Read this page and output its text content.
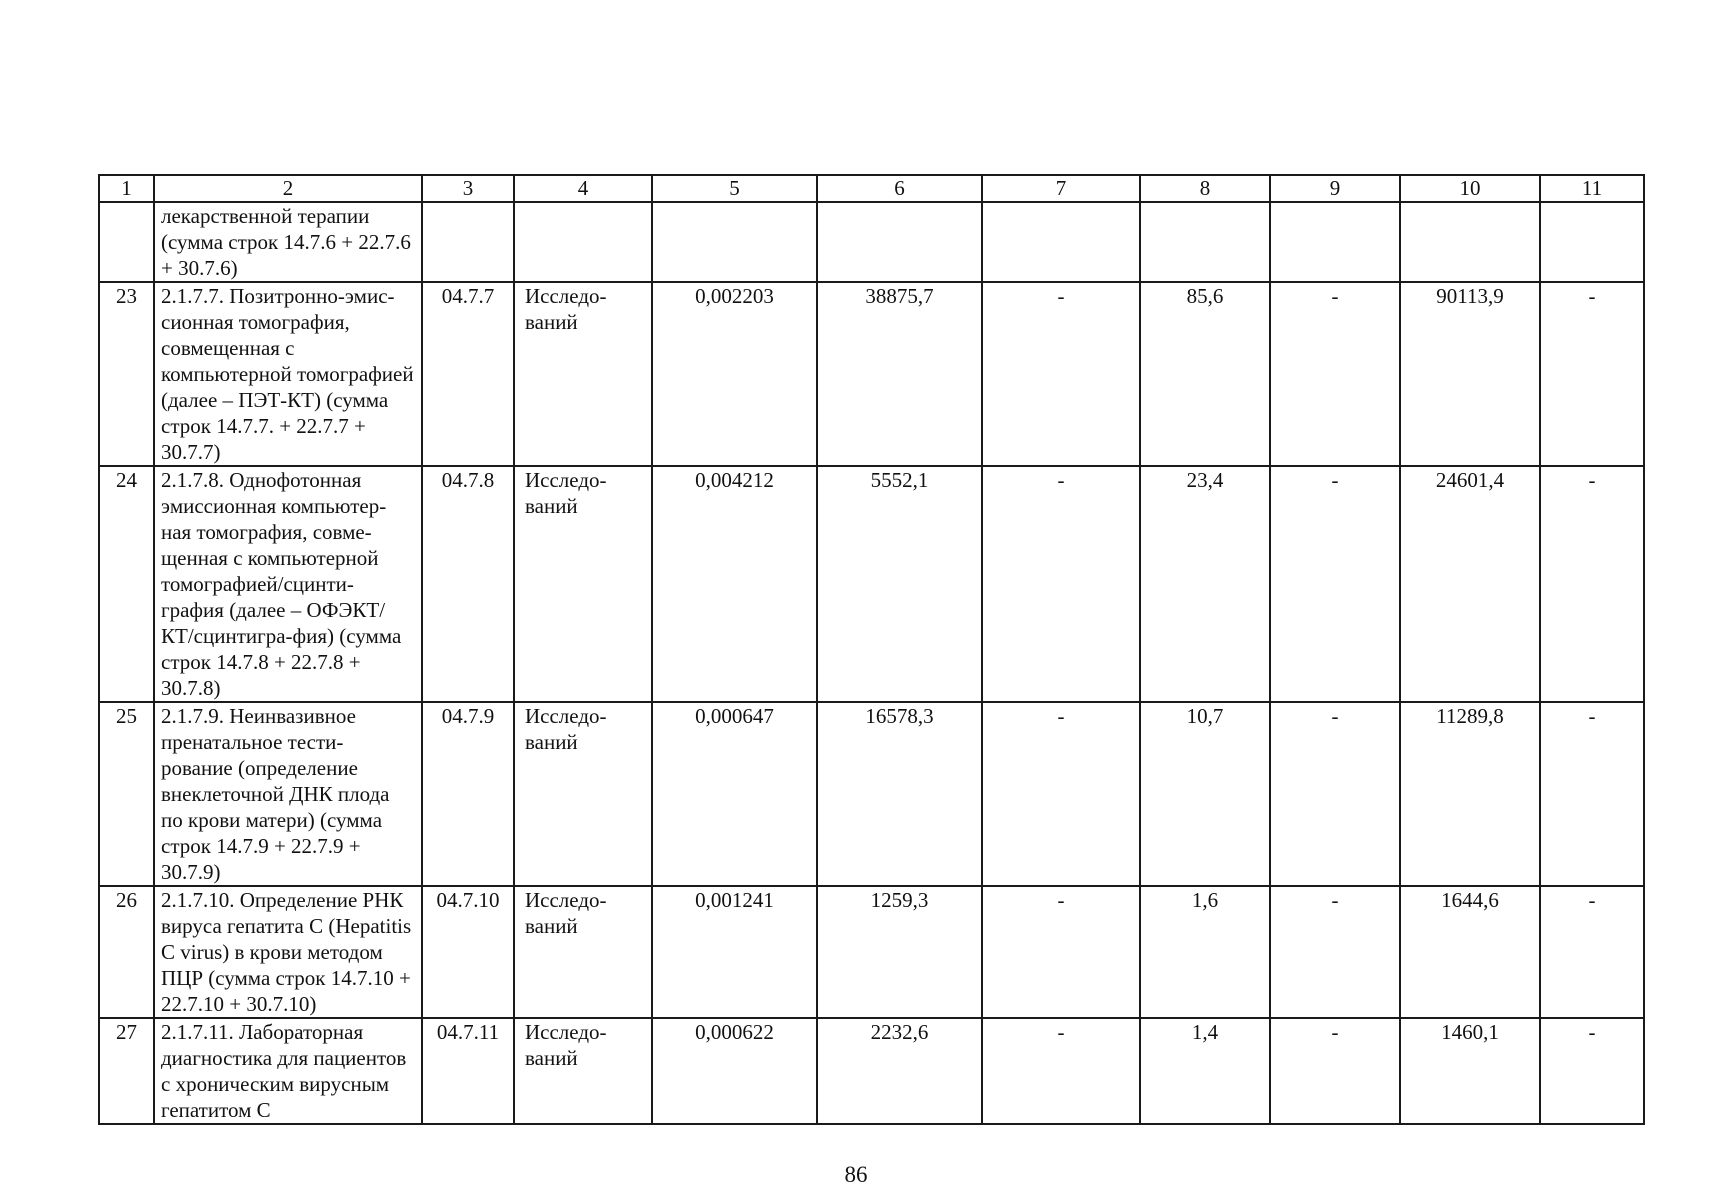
1	2	3	4	5	6	7	8	9	10	11
	лекарственной терапии (сумма строк 14.7.6 + 22.7.6 + 30.7.6)									
23	2.1.7.7. Позитронно-эмис-сионная томография, совмещенная с компьютерной томографией (далее – ПЭТ-КТ) (сумма строк 14.7.7. + 22.7.7 + 30.7.7)	04.7.7	Исследо-ваний	0,002203	38875,7	-	85,6	-	90113,9	-
24	2.1.7.8. Однофотонная эмиссионная компьютер-ная томография, совме-щенная с компьютерной томографией/сцинти-графия (далее – ОФЭКТ/КТ/сцинтигра-фия) (сумма строк 14.7.8 + 22.7.8 + 30.7.8)	04.7.8	Исследо-ваний	0,004212	5552,1	-	23,4	-	24601,4	-
25	2.1.7.9. Неинвазивное пренатальное тести-рование (определение внеклеточной ДНК плода по крови матери) (сумма строк 14.7.9 + 22.7.9 + 30.7.9)	04.7.9	Исследо-ваний	0,000647	16578,3	-	10,7	-	11289,8	-
26	2.1.7.10. Определение РНК вируса гепатита С (Hepatitis C virus) в крови методом ПЦР (сумма строк 14.7.10 + 22.7.10 + 30.7.10)	04.7.10	Исследо-ваний	0,001241	1259,3	-	1,6	-	1644,6	-
27	2.1.7.11. Лабораторная диагностика для пациентов с хроническим вирусным гепатитом С	04.7.11	Исследо-ваний	0,000622	2232,6	-	1,4	-	1460,1	-
86
